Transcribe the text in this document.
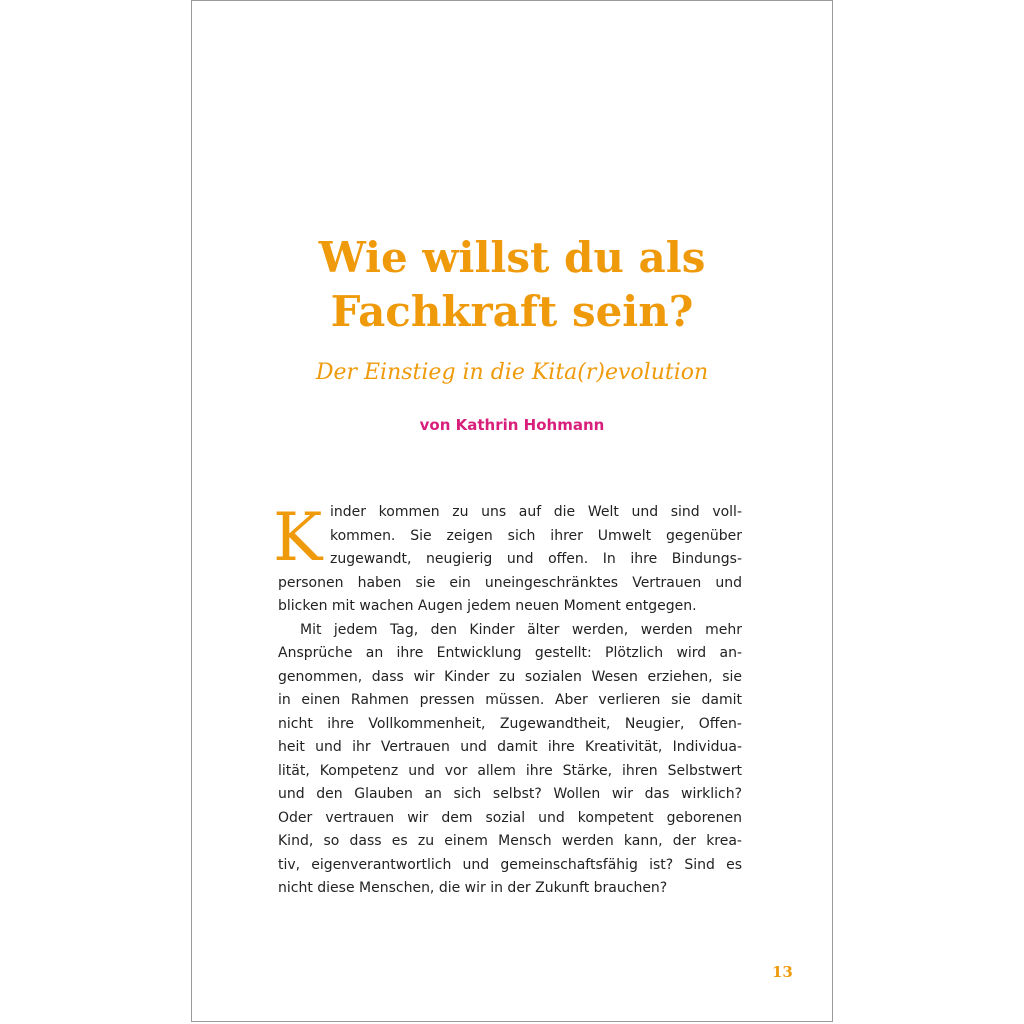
Wie willst du als
Fachkraft sein?

Der Einstieg in die Kita(r)evolution

von Kathrin Hohmann

K inder kommen zu uns auf die Welt und sind voll-
kommen. Sie zeigen sich ihrer Umwelt gegenüber
zugewandt, neugierig und offen. In ihre Bindungs-
personen haben sie ein uneingeschränktes Vertrauen und
blicken mit wachen Augen jedem neuen Moment entgegen.
Mit jedem Tag, den Kinder älter werden, werden mehr
Ansprüche an ihre Entwicklung gestellt: Plötzlich wird an-
genommen, dass wir Kinder zu sozialen Wesen erziehen, sie
in einen Rahmen pressen müssen. Aber verlieren sie damit
nicht ihre Vollkommenheit, Zugewandtheit, Neugier, Offen-
heit und ihr Vertrauen und damit ihre Kreativität, Individua-
lität, Kompetenz und vor allem ihre Stärke, ihren Selbstwert
und den Glauben an sich selbst? Wollen wir das wirklich?
Oder vertrauen wir dem sozial und kompetent geborenen
Kind, so dass es zu einem Mensch werden kann, der krea-
tiv, eigenverantwortlich und gemeinschaftsfähig ist? Sind es
nicht diese Menschen, die wir in der Zukunft brauchen?
13
